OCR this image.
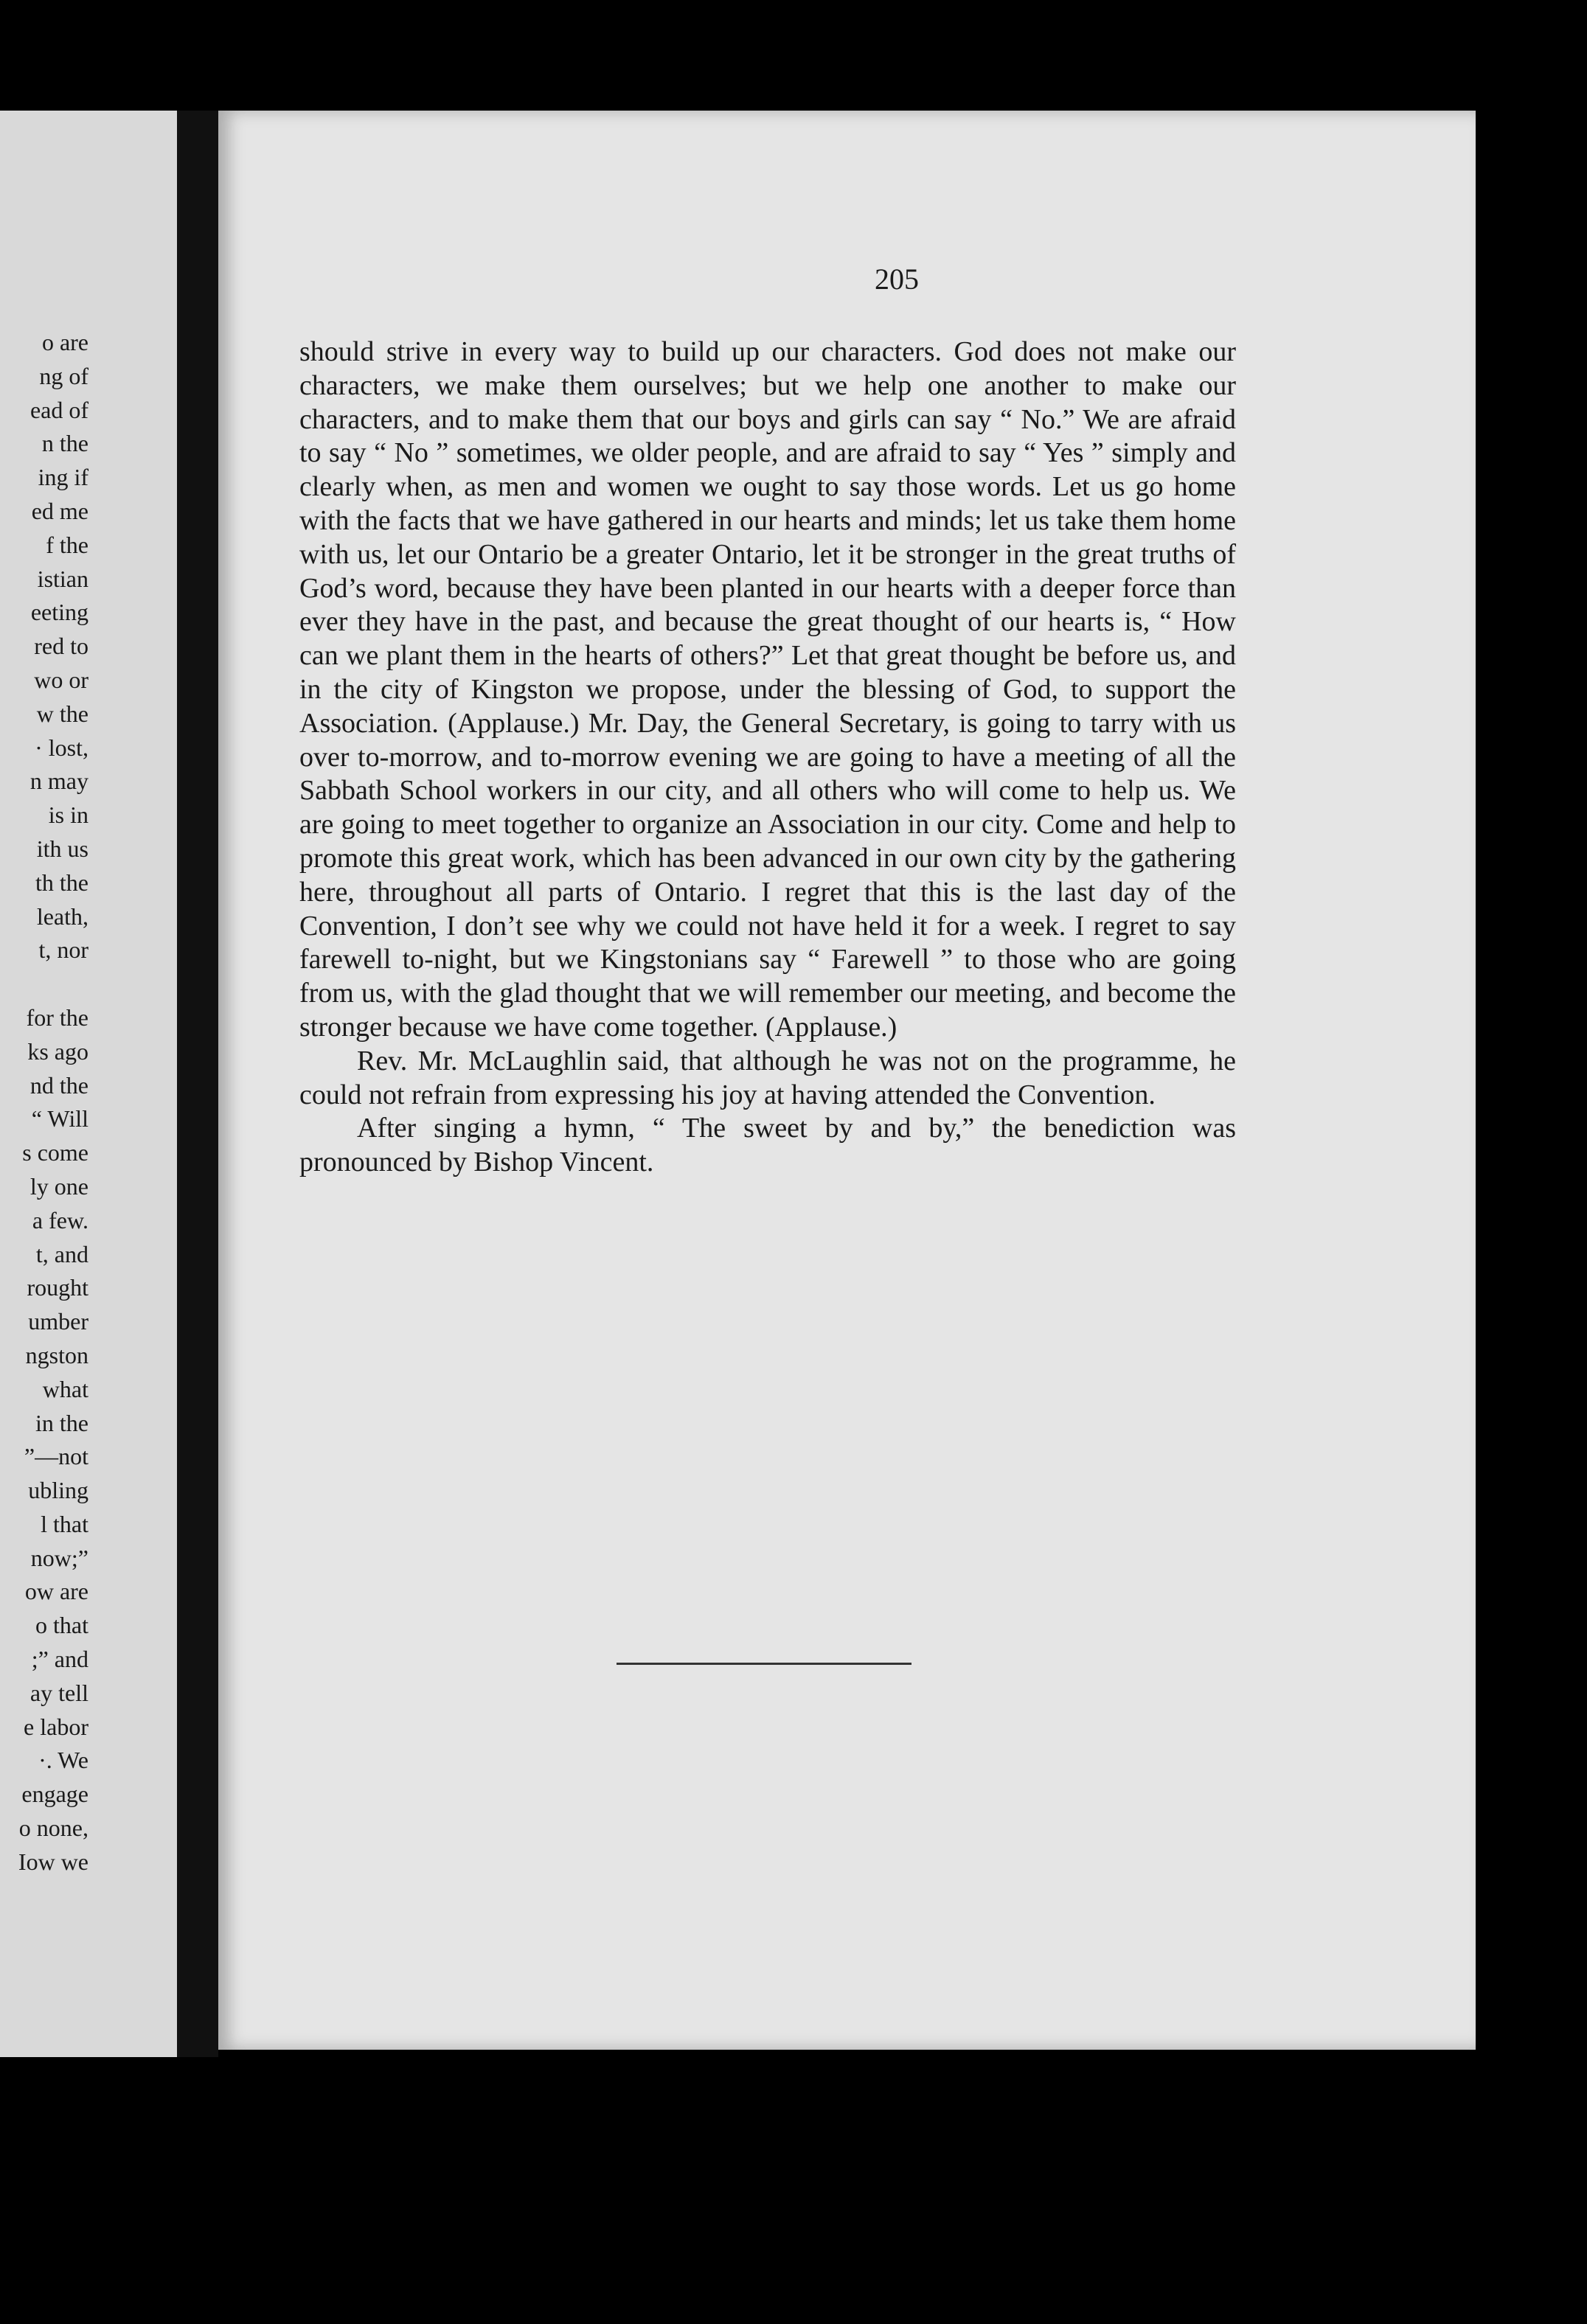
o are
ng of
ead of
n the
ing if
ed me
f the
istian
eeting
red to
wo or
w the
· lost,
n may
is in
ith us
th the
leath,
t, nor

for the
ks ago
nd the
“ Will
s come
ly one
a few.
t, and
rought
umber
ngston
what
in the
”—not
ubling
l that
now;”
ow are
o that
;” and
ay tell
e labor
·. We
engage
o none,
Iow we
205

should strive in every way to build up our characters. God does not make our characters, we make them ourselves; but we help one another to make our characters, and to make them that our boys and girls can say “ No.” We are afraid to say “ No ” sometimes, we older people, and are afraid to say “ Yes ” simply and clearly when, as men and women we ought to say those words. Let us go home with the facts that we have gathered in our hearts and minds; let us take them home with us, let our Ontario be a greater Ontario, let it be stronger in the great truths of God’s word, because they have been planted in our hearts with a deeper force than ever they have in the past, and because the great thought of our hearts is, “ How can we plant them in the hearts of others?” Let that great thought be before us, and in the city of Kingston we propose, under the blessing of God, to support the Association. (Applause.) Mr. Day, the General Secretary, is going to tarry with us over to-morrow, and to-morrow evening we are going to have a meeting of all the Sabbath School workers in our city, and all others who will come to help us. We are going to meet together to organize an Association in our city. Come and help to promote this great work, which has been advanced in our own city by the gathering here, throughout all parts of Ontario. I regret that this is the last day of the Convention, I don’t see why we could not have held it for a week. I regret to say farewell to-night, but we Kingstonians say “ Farewell ” to those who are going from us, with the glad thought that we will remember our meeting, and become the stronger because we have come together. (Applause.)

Rev. Mr. McLaughlin said, that although he was not on the programme, he could not refrain from expressing his joy at having attended the Convention.

After singing a hymn, “ The sweet by and by,” the benediction was pronounced by Bishop Vincent.
